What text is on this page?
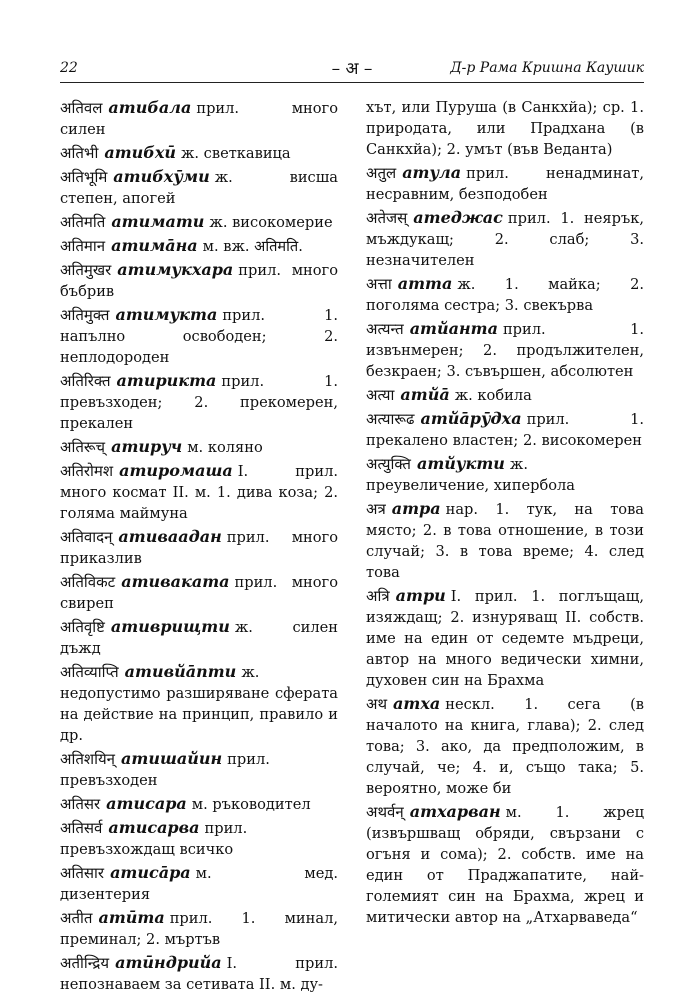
22	– अ –	Д-р Рама Кришна Каушик
अतिवल атибала прил. много силен
अतिभी атибхӣ ж. светкавица
अतिभूमि атибхӯми ж. висша степен, апогей
अतिमति атимати ж. високомерие
अतिमान атимāна м. вж. अतिमति.
अतिमुखर атимукхара прил. много бъбрив
अतिमुक्त атимукта прил. 1. напълно освободен; 2. неплодороден
अतिरिक्त атирикта прил. 1. превъзходен; 2. прекомерен, прекален
अतिरूच् атируч м. коляно
अतिरोमश атиромаша I. прил. много космат II. м. 1. дива коза; 2. голяма маймуна
अतिवादन् ативаадан прил. много приказлив
अतिविकट ативаката прил. много свиреп
अतिवृष्टि ативрищти ж. силен дъжд
अतिव्याप्ति ативйāпти ж. недопустимо разширяване сферата на действие на принцип, правило и др.
अतिशयिन् атишайин прил. превъзходен
अतिसर атисара м. ръководител
अतिसर्व атисарва прил. превъзхождащ всичко
अतिसार атисāра м. мед. дизентерия
अतीत атӣта прил. 1. минал, преминал; 2. мъртъв
अतीन्द्रिय атӣндрийа I. прил. непознаваем за сетивата II. м. ду-
хът, или Пуруша (в Санкхйа); ср. 1. природата, или Прадхана (в Санкхйа); 2. умът (във Веданта)
अतुल атула прил. ненадминат, несравним, безподобен
अतेजस् атеджас прил. 1. неярък, мъждукащ; 2. слаб; 3. незначителен
अत्ता атта ж. 1. майка; 2. поголяма сестра; 3. свекърва
अत्यन्त атйанта прил. 1. извънмерен; 2. продължителен, безкраен; 3. съвършен, абсолютен
अत्या атйā ж. кобила
अत्यारूढ атйāрӯдха прил. 1. прекалено властен; 2. високомерен
अत्युक्ति атйукти ж. преувеличение, хипербола
अत्र атра нар. 1. тук, на това място; 2. в това отношение, в този случай; 3. в това време; 4. след това
अत्रि атри I. прил. 1. поглъщащ, изяждащ; 2. изнуряващ II. собств. име на един от седемте мъдреци, автор на много ведически химни, духовен син на Брахма
अथ атха нескл. 1. сега (в началото на книга, глава); 2. след това; 3. ако, да предположим, в случай, че; 4. и, също така; 5. вероятно, може би
अथर्वन् атхарван м. 1. жрец (извършващ обряди, свързани с огъня и сома); 2. собств. име на един от Праджапатите, най-големият син на Брахма, жрец и митически автор на „Атхарваведа“
